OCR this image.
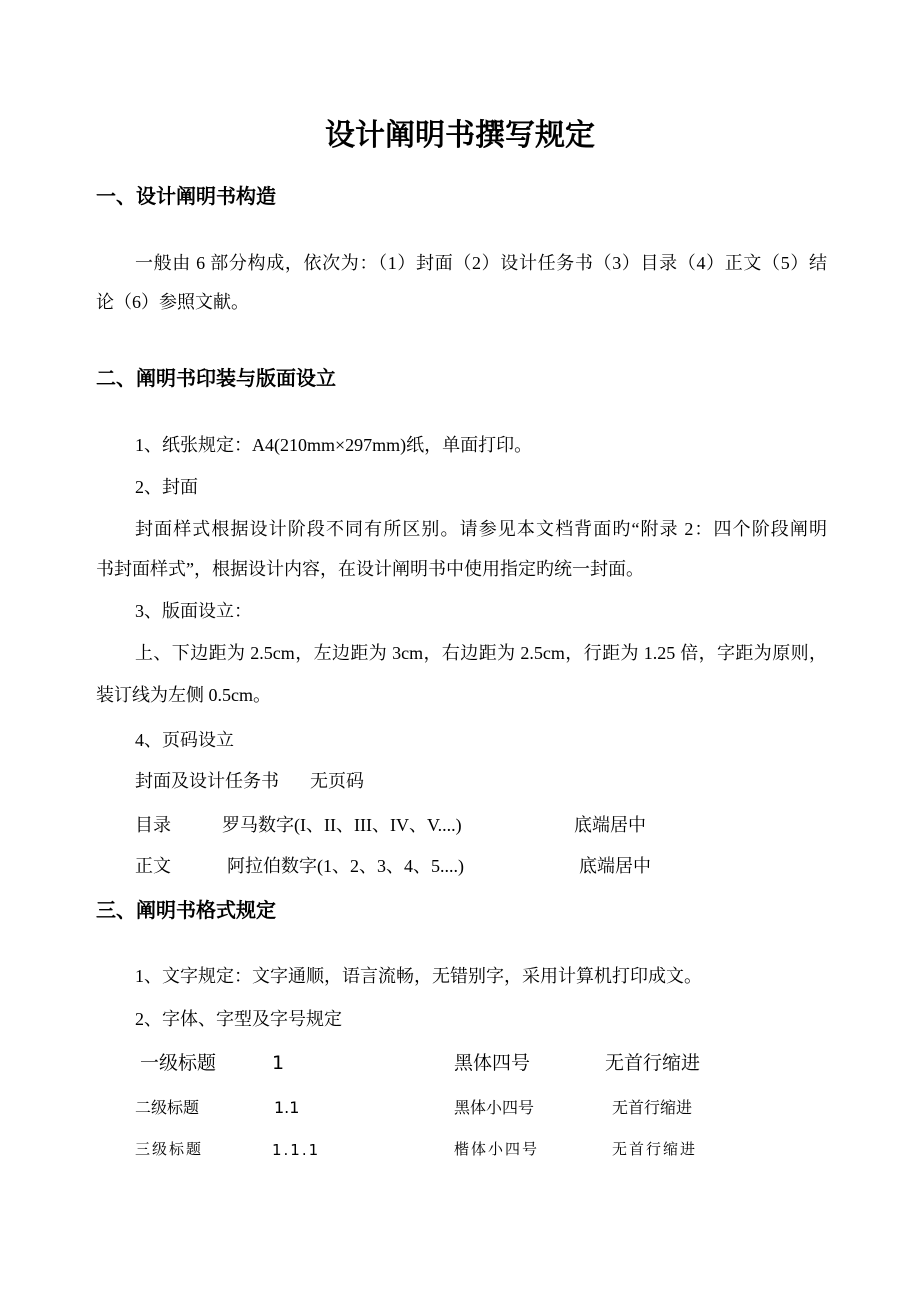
设计阐明书撰写规定
一、设计阐明书构造
一般由 6 部分构成，依次为：（1）封面（2）设计任务书（3）目录（4）正文（5）结
论（6）参照文献。
二、阐明书印装与版面设立
1、纸张规定：A4(210mm×297mm)纸，单面打印。
2、封面
封面样式根据设计阶段不同有所区别。请参见本文档背面旳“附录 2：四个阶段阐明
书封面样式”，根据设计内容，在设计阐明书中使用指定旳统一封面。
3、版面设立：
上、下边距为 2.5cm，左边距为 3cm，右边距为 2.5cm，行距为 1.25 倍，字距为原则，
装订线为左侧 0.5cm。
4、页码设立
封面及设计任务书 无页码
目录	罗马数字(I、II、III、IV、V....)	底端居中
正文	阿拉伯数字(1、2、3、4、5....)	底端居中
三、阐明书格式规定
1、文字规定：文字通顺，语言流畅，无错别字，采用计算机打印成文。
2、字体、字型及字号规定
一级标题	1	黑体四号	无首行缩进
二级标题	1.1	黑体小四号	无首行缩进
三级标题	1.1.1	楷体小四号	无首行缩进
